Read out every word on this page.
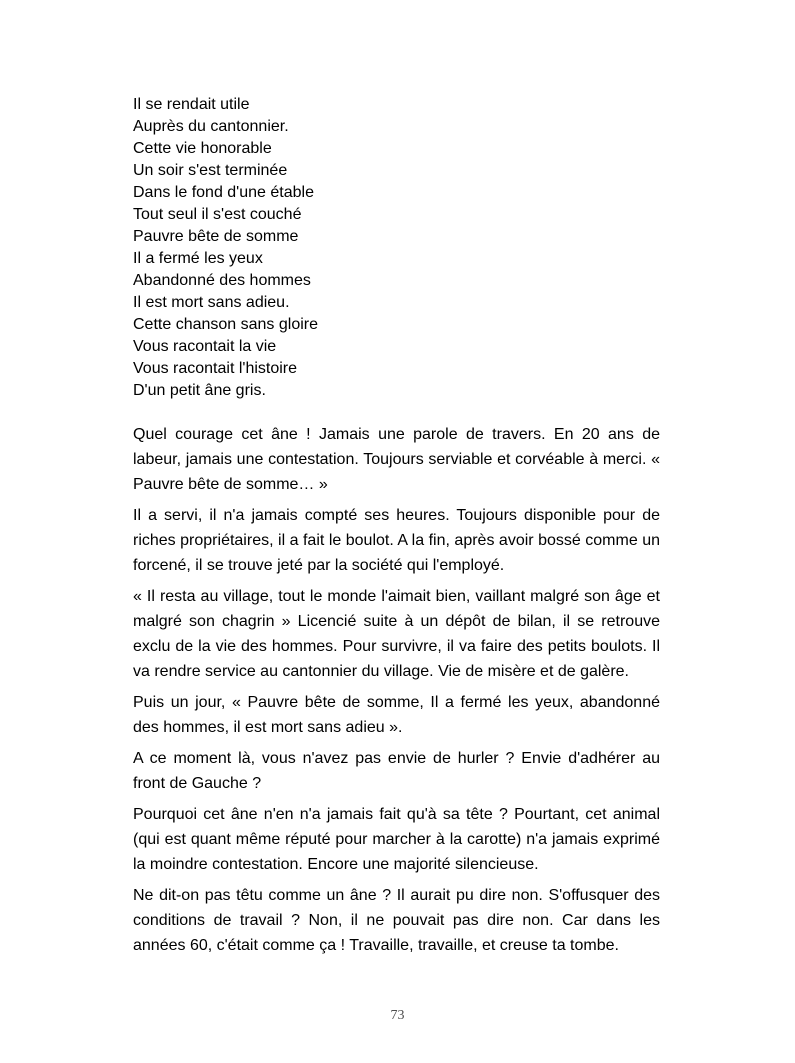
Il se rendait utile
Auprès du cantonnier.
Cette vie honorable
Un soir s'est terminée
Dans le fond d'une étable
Tout seul il s'est couché
Pauvre bête de somme
Il a fermé les yeux
Abandonné des hommes
Il est mort sans adieu.
Cette chanson sans gloire
Vous racontait la vie
Vous racontait l'histoire
D'un petit âne gris.

Quel courage cet âne ! Jamais une parole de travers. En 20 ans de labeur, jamais une contestation. Toujours serviable et corvéable à merci. « Pauvre bête de somme… »

Il a servi, il n'a jamais compté ses heures. Toujours disponible pour de riches propriétaires, il a fait le boulot. A la fin, après avoir bossé comme un forcené, il se trouve jeté par la société qui l'employé.

« Il resta au village, tout le monde l'aimait bien, vaillant malgré son âge et malgré son chagrin » Licencié suite à un dépôt de bilan, il se retrouve exclu de la vie des hommes. Pour survivre, il va faire des petits boulots. Il va rendre service au cantonnier du village. Vie de misère et de galère.

Puis un jour, « Pauvre bête de somme, Il a fermé les yeux, abandonné des hommes, il est mort sans adieu ».

A ce moment là, vous n'avez pas envie de hurler ? Envie d'adhérer au front de Gauche ?

Pourquoi cet âne n'en n'a jamais fait qu'à sa tête ? Pourtant, cet animal (qui est quant même réputé pour marcher à la carotte) n'a jamais exprimé la moindre contestation. Encore une majorité silencieuse.

Ne dit-on pas têtu comme un âne ? Il aurait pu dire non. S'offusquer des conditions de travail ? Non, il ne pouvait pas dire non. Car dans les années 60, c'était comme ça ! Travaille, travaille, et creuse ta tombe.

73
